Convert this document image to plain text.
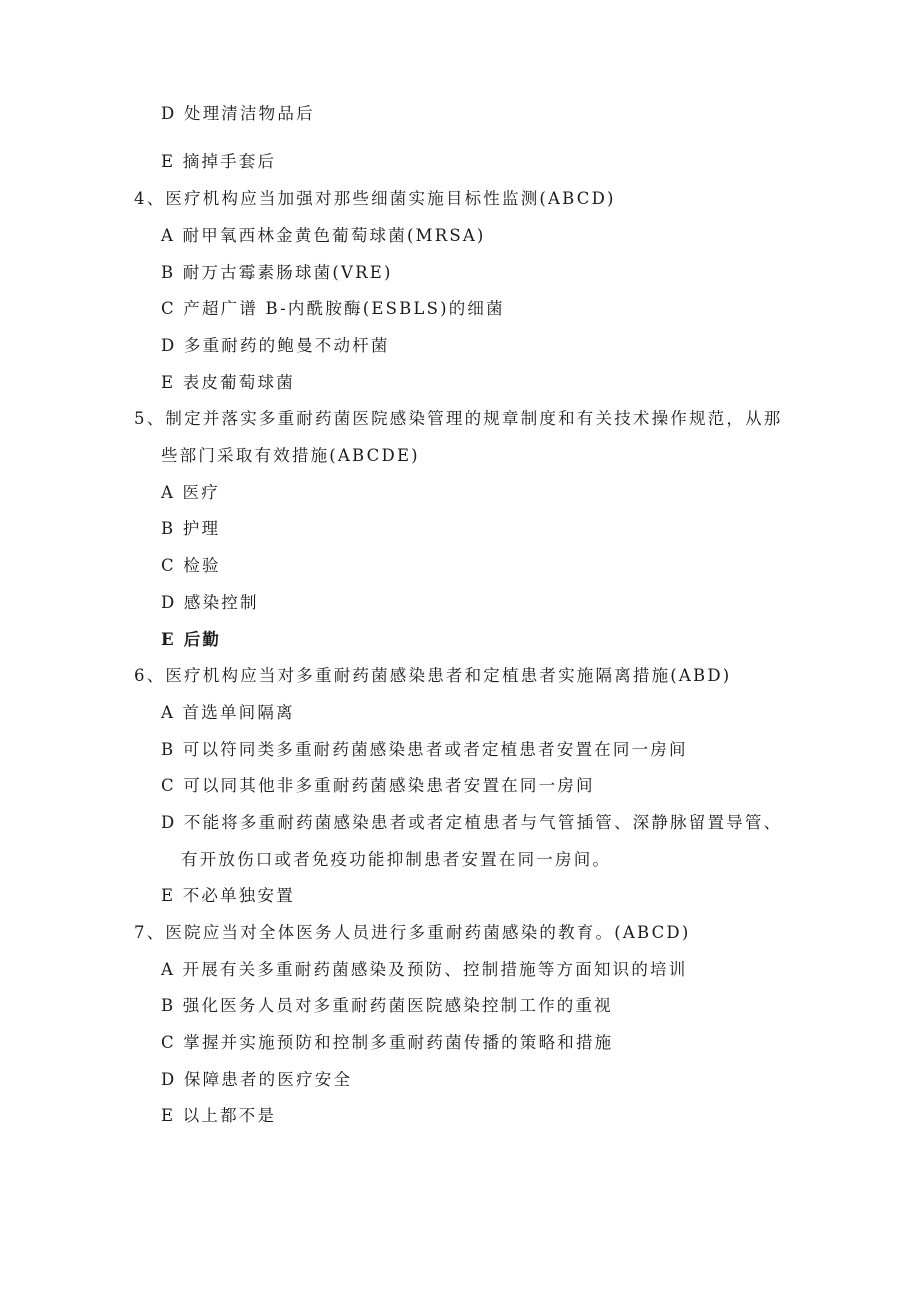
D 处理清洁物品后
E 摘掉手套后
4、医疗机构应当加强对那些细菌实施目标性监测(ABCD)
A 耐甲氧西林金黄色葡萄球菌(MRSA)
B 耐万古霉素肠球菌(VRE)
C 产超广谱 B-内酰胺酶(ESBLS)的细菌
D 多重耐药的鲍曼不动杆菌
E 表皮葡萄球菌
5、制定并落实多重耐药菌医院感染管理的规章制度和有关技术操作规范，从那
些部门采取有效措施(ABCDE)
A 医疗
B 护理
C 检验
D 感染控制
E 后勤
6、医疗机构应当对多重耐药菌感染患者和定植患者实施隔离措施(ABD)
A 首选单间隔离
B 可以符同类多重耐药菌感染患者或者定植患者安置在同一房间
C 可以同其他非多重耐药菌感染患者安置在同一房间
D 不能将多重耐药菌感染患者或者定植患者与气管插管、深静脉留置导管、
有开放伤口或者免疫功能抑制患者安置在同一房间。
E 不必单独安置
7、医院应当对全体医务人员进行多重耐药菌感染的教育。(ABCD)
A 开展有关多重耐药菌感染及预防、控制措施等方面知识的培训
B 强化医务人员对多重耐药菌医院感染控制工作的重视
C 掌握并实施预防和控制多重耐药菌传播的策略和措施
D 保障患者的医疗安全
E 以上都不是
